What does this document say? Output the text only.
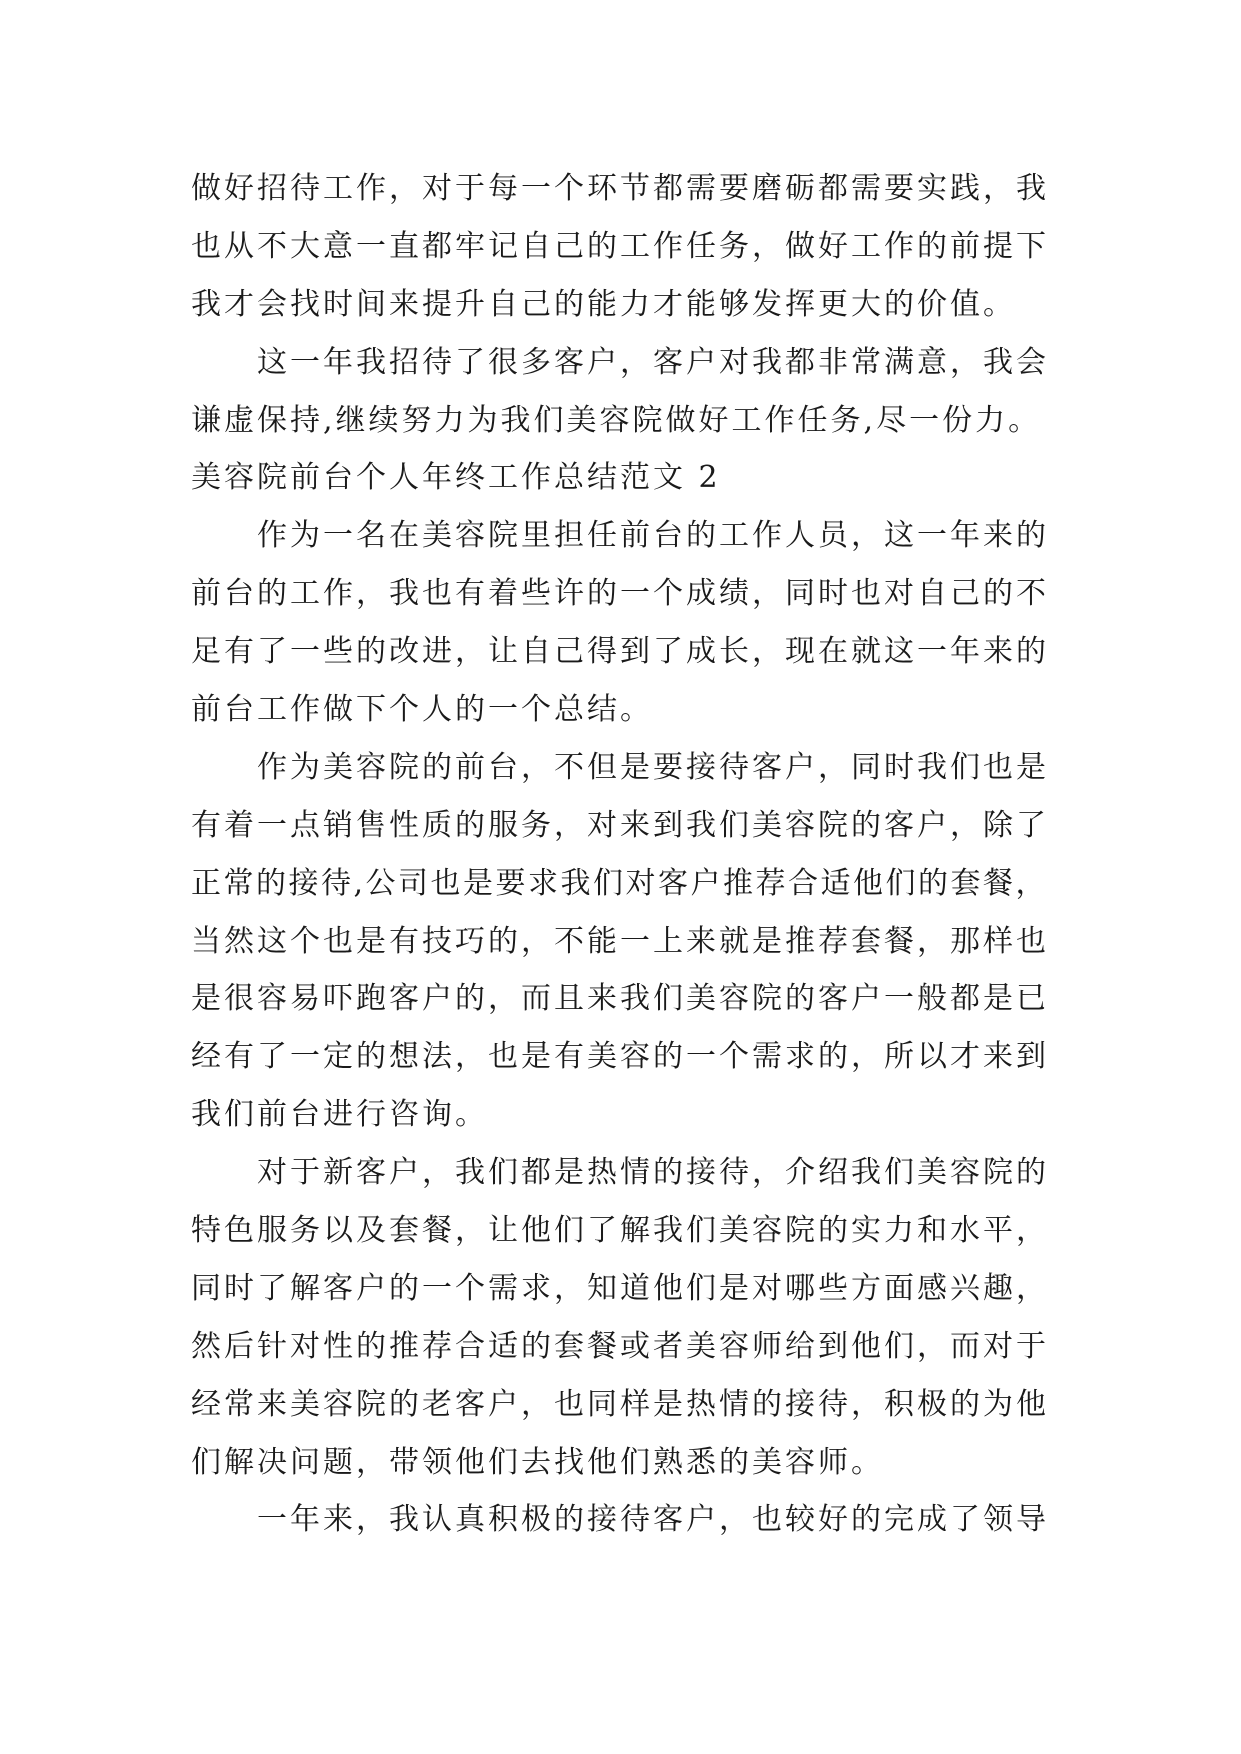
做好招待工作，对于每一个环节都需要磨砺都需要实践，我
也从不大意一直都牢记自己的工作任务，做好工作的前提下
我才会找时间来提升自己的能力才能够发挥更大的价值。
这一年我招待了很多客户，客户对我都非常满意，我会
谦虚保持,继续努力为我们美容院做好工作任务,尽一份力。
美容院前台个人年终工作总结范文 2
作为一名在美容院里担任前台的工作人员，这一年来的
前台的工作，我也有着些许的一个成绩，同时也对自己的不
足有了一些的改进，让自己得到了成长，现在就这一年来的
前台工作做下个人的一个总结。
作为美容院的前台，不但是要接待客户，同时我们也是
有着一点销售性质的服务，对来到我们美容院的客户，除了
正常的接待,公司也是要求我们对客户推荐合适他们的套餐，
当然这个也是有技巧的，不能一上来就是推荐套餐，那样也
是很容易吓跑客户的，而且来我们美容院的客户一般都是已
经有了一定的想法，也是有美容的一个需求的，所以才来到
我们前台进行咨询。
对于新客户，我们都是热情的接待，介绍我们美容院的
特色服务以及套餐，让他们了解我们美容院的实力和水平，
同时了解客户的一个需求，知道他们是对哪些方面感兴趣，
然后针对性的推荐合适的套餐或者美容师给到他们，而对于
经常来美容院的老客户，也同样是热情的接待，积极的为他
们解决问题，带领他们去找他们熟悉的美容师。
一年来，我认真积极的接待客户，也较好的完成了领导
